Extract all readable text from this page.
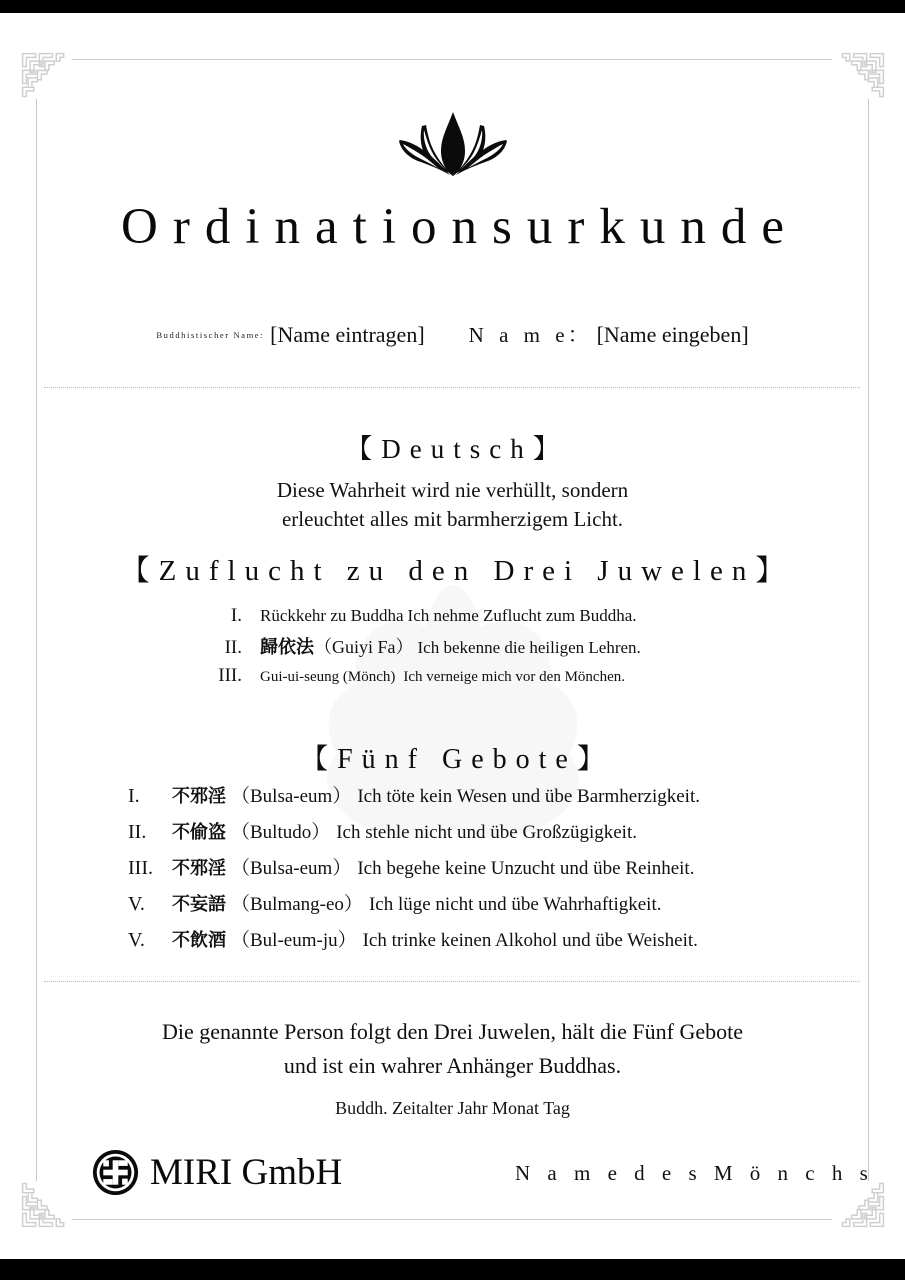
Ordinationsurkunde
$^{Buddhistischer Name:}$ [Name eintragen] N a m e： [Name eingeben]
【Deutsch】
Diese Wahrheit wird nie verhüllt, sondern
erleuchtet alles mit barmherzigem Licht.
【Zuflucht zu den Drei Juwelen】
I.	Rückkehr zu Buddha Ich nehme Zuflucht zum Buddha.
II.	歸依法（Guiyi Fa） Ich bekenne die heiligen Lehren.
III.	Gui-ui-seung (Mönch) Ich verneige mich vor den Mönchen.
【Fünf Gebote】
I.	不邪淫 （Bulsa-eum） Ich töte kein Wesen und übe Barmherzigkeit.
II.	不偷盗 （Bultudo） Ich stehle nicht und übe Großzügigkeit.
III.	不邪淫 （Bulsa-eum） Ich begehe keine Unzucht und übe Reinheit.
V.	不妄語 （Bulmang-eo） Ich lüge nicht und übe Wahrhaftigkeit.
V.	不飲酒 （Bul-eum-ju） Ich trinke keinen Alkohol und übe Weisheit.
Die genannte Person folgt den Drei Juwelen, hält die Fünf Gebote
und ist ein wahrer Anhänger Buddhas.
Buddh. Zeitalter Jahr Monat Tag
MIRI GmbH	N a m e d e s M ö n c h s
